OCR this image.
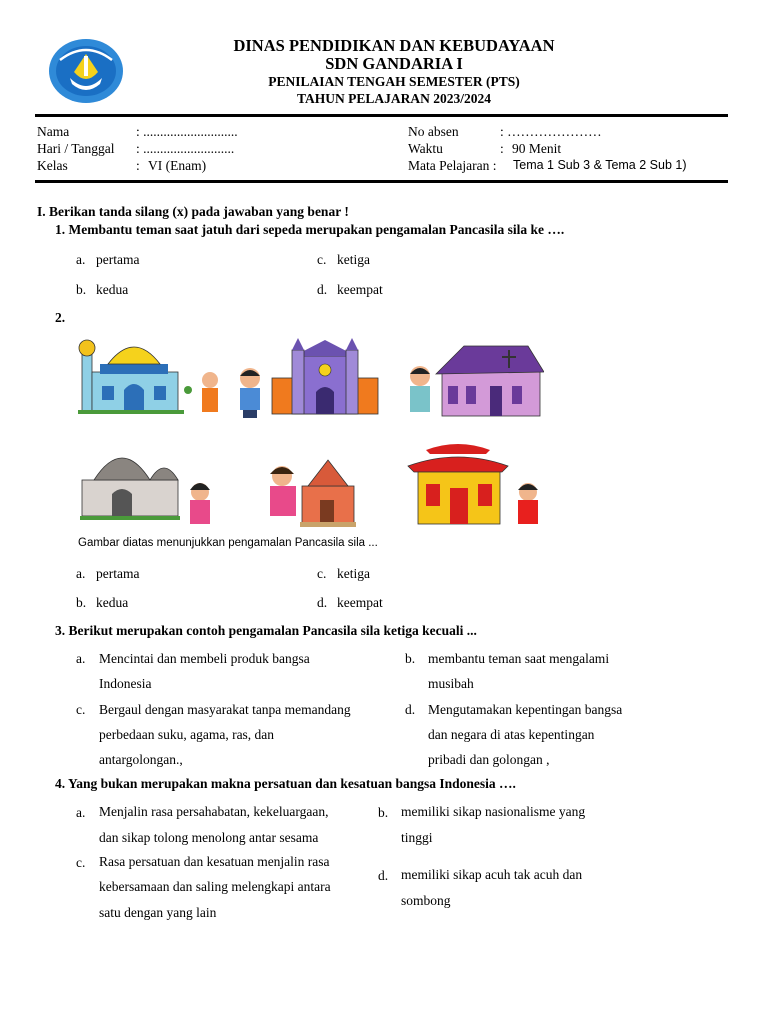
DINAS PENDIDIKAN DAN KEBUDAYAAN
SDN GANDARIA I
PENILAIAN TENGAH SEMESTER (PTS)
TAHUN PELAJARAN 2023/2024
Nama	: ............................
Hari / Tanggal : ...........................
Kelas	: VI (Enam)
No absen	: …………………
Waktu	: 90 Menit
Mata Pelajaran : Tema 1 Sub 3 & Tema 2 Sub 1)
I. Berikan tanda silang (x) pada jawaban yang benar !
1. Membantu teman saat jatuh dari sepeda merupakan pengamalan Pancasila sila ke ….
a. pertama
b. kedua
c. ketiga
d. keempat
2.
Gambar diatas menunjukkan pengamalan Pancasila sila ...
a. pertama
b. kedua
c. ketiga
d. keempat
3. Berikut merupakan contoh pengamalan Pancasila sila ketiga kecuali ...
a. Mencintai dan membeli produk bangsa
Indonesia
b. membantu teman saat mengalami
musibah
c. Bergaul dengan masyarakat tanpa memandang
perbedaan suku, agama, ras, dan
antargolongan.,
d. Mengutamakan kepentingan bangsa
dan negara di atas kepentingan
pribadi dan golongan ,
4. Yang bukan merupakan makna persatuan dan kesatuan bangsa Indonesia ….
a. Menjalin rasa persahabatan, kekeluargaan,
dan sikap tolong menolong antar sesama
b. memiliki sikap nasionalisme yang
tinggi
c. Rasa persatuan dan kesatuan menjalin rasa
kebersamaan dan saling melengkapi antara
satu dengan yang lain
d. memiliki sikap acuh tak acuh dan
sombong
